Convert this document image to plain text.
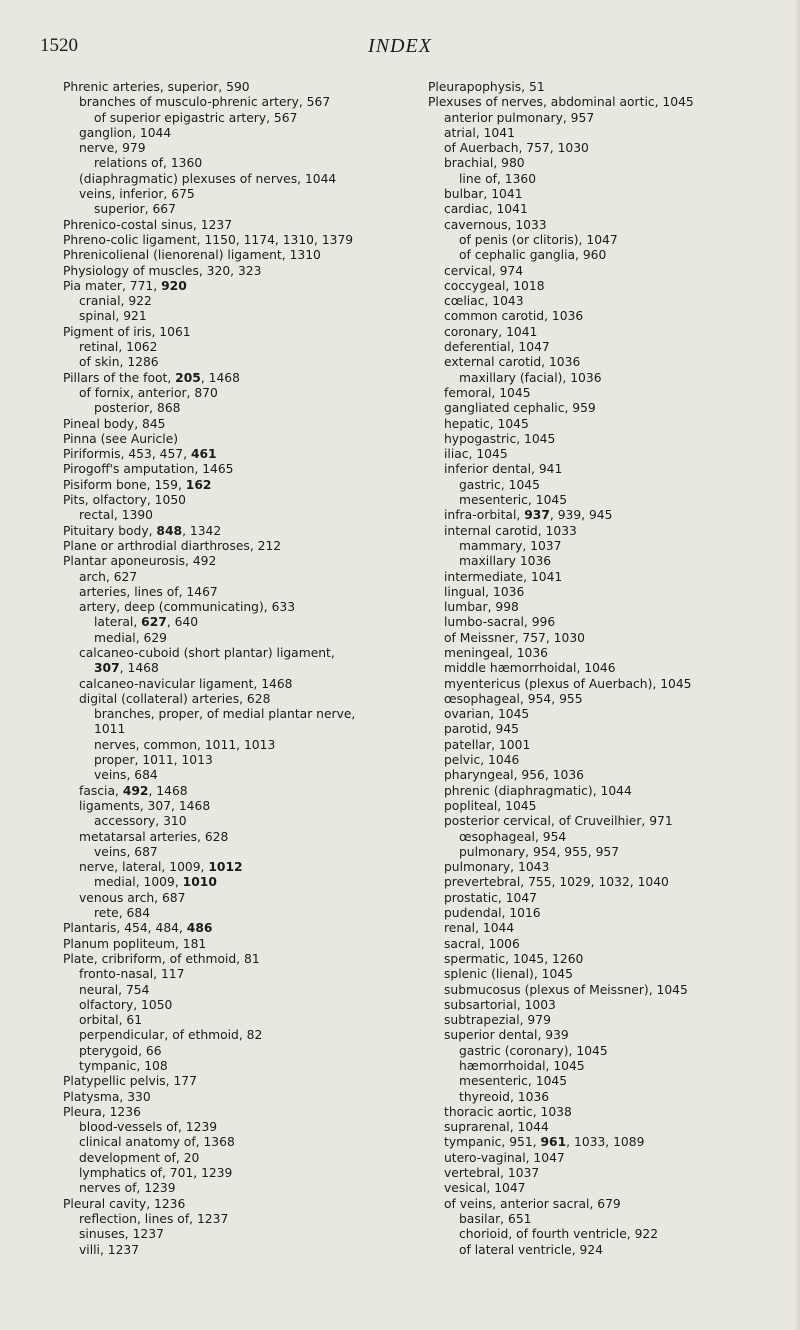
1520	INDEX
Phrenic arteries, superior, 590
branches of musculo-phrenic artery, 567
of superior epigastric artery, 567
ganglion, 1044
nerve, 979
relations of, 1360
(diaphragmatic) plexuses of nerves, 1044
veins, inferior, 675
superior, 667
Phrenico-costal sinus, 1237
Phreno-colic ligament, 1150, 1174, 1310, 1379
Phrenicolienal (lienorenal) ligament, 1310
Physiology of muscles, 320, 323
Pia mater, 771, 920
cranial, 922
spinal, 921
Pigment of iris, 1061
retinal, 1062
of skin, 1286
Pillars of the foot, 205, 1468
of fornix, anterior, 870
posterior, 868
Pineal body, 845
Pinna (see Auricle)
Piriformis, 453, 457, 461
Pirogoff's amputation, 1465
Pisiform bone, 159, 162
Pits, olfactory, 1050
rectal, 1390
Pituitary body, 848, 1342
Plane or arthrodial diarthroses, 212
Plantar aponeurosis, 492
arch, 627
arteries, lines of, 1467
artery, deep (communicating), 633
lateral, 627, 640
medial, 629
calcaneo-cuboid (short plantar) ligament,
307, 1468
calcaneo-navicular ligament, 1468
digital (collateral) arteries, 628
branches, proper, of medial plantar nerve,
1011
nerves, common, 1011, 1013
proper, 1011, 1013
veins, 684
fascia, 492, 1468
ligaments, 307, 1468
accessory, 310
metatarsal arteries, 628
veins, 687
nerve, lateral, 1009, 1012
medial, 1009, 1010
venous arch, 687
rete, 684
Plantaris, 454, 484, 486
Planum popliteum, 181
Plate, cribriform, of ethmoid, 81
fronto-nasal, 117
neural, 754
olfactory, 1050
orbital, 61
perpendicular, of ethmoid, 82
pterygoid, 66
tympanic, 108
Platypellic pelvis, 177
Platysma, 330
Pleura, 1236
blood-vessels of, 1239
clinical anatomy of, 1368
development of, 20
lymphatics of, 701, 1239
nerves of, 1239
Pleural cavity, 1236
reflection, lines of, 1237
sinuses, 1237
villi, 1237
Pleurapophysis, 51
Plexuses of nerves, abdominal aortic, 1045
anterior pulmonary, 957
atrial, 1041
of Auerbach, 757, 1030
brachial, 980
line of, 1360
bulbar, 1041
cardiac, 1041
cavernous, 1033
of penis (or clitoris), 1047
of cephalic ganglia, 960
cervical, 974
coccygeal, 1018
cœliac, 1043
common carotid, 1036
coronary, 1041
deferential, 1047
external carotid, 1036
maxillary (facial), 1036
femoral, 1045
gangliated cephalic, 959
hepatic, 1045
hypogastric, 1045
iliac, 1045
inferior dental, 941
gastric, 1045
mesenteric, 1045
infra-orbital, 937, 939, 945
internal carotid, 1033
mammary, 1037
maxillary 1036
intermediate, 1041
lingual, 1036
lumbar, 998
lumbo-sacral, 996
of Meissner, 757, 1030
meningeal, 1036
middle hæmorrhoidal, 1046
myentericus (plexus of Auerbach), 1045
œsophageal, 954, 955
ovarian, 1045
parotid, 945
patellar, 1001
pelvic, 1046
pharyngeal, 956, 1036
phrenic (diaphragmatic), 1044
popliteal, 1045
posterior cervical, of Cruveilhier, 971
œsophageal, 954
pulmonary, 954, 955, 957
pulmonary, 1043
prevertebral, 755, 1029, 1032, 1040
prostatic, 1047
pudendal, 1016
renal, 1044
sacral, 1006
spermatic, 1045, 1260
splenic (lienal), 1045
submucosus (plexus of Meissner), 1045
subsartorial, 1003
subtrapezial, 979
superior dental, 939
gastric (coronary), 1045
hæmorrhoidal, 1045
mesenteric, 1045
thyreoid, 1036
thoracic aortic, 1038
suprarenal, 1044
tympanic, 951, 961, 1033, 1089
utero-vaginal, 1047
vertebral, 1037
vesical, 1047
of veins, anterior sacral, 679
basilar, 651
chorioid, of fourth ventricle, 922
of lateral ventricle, 924
